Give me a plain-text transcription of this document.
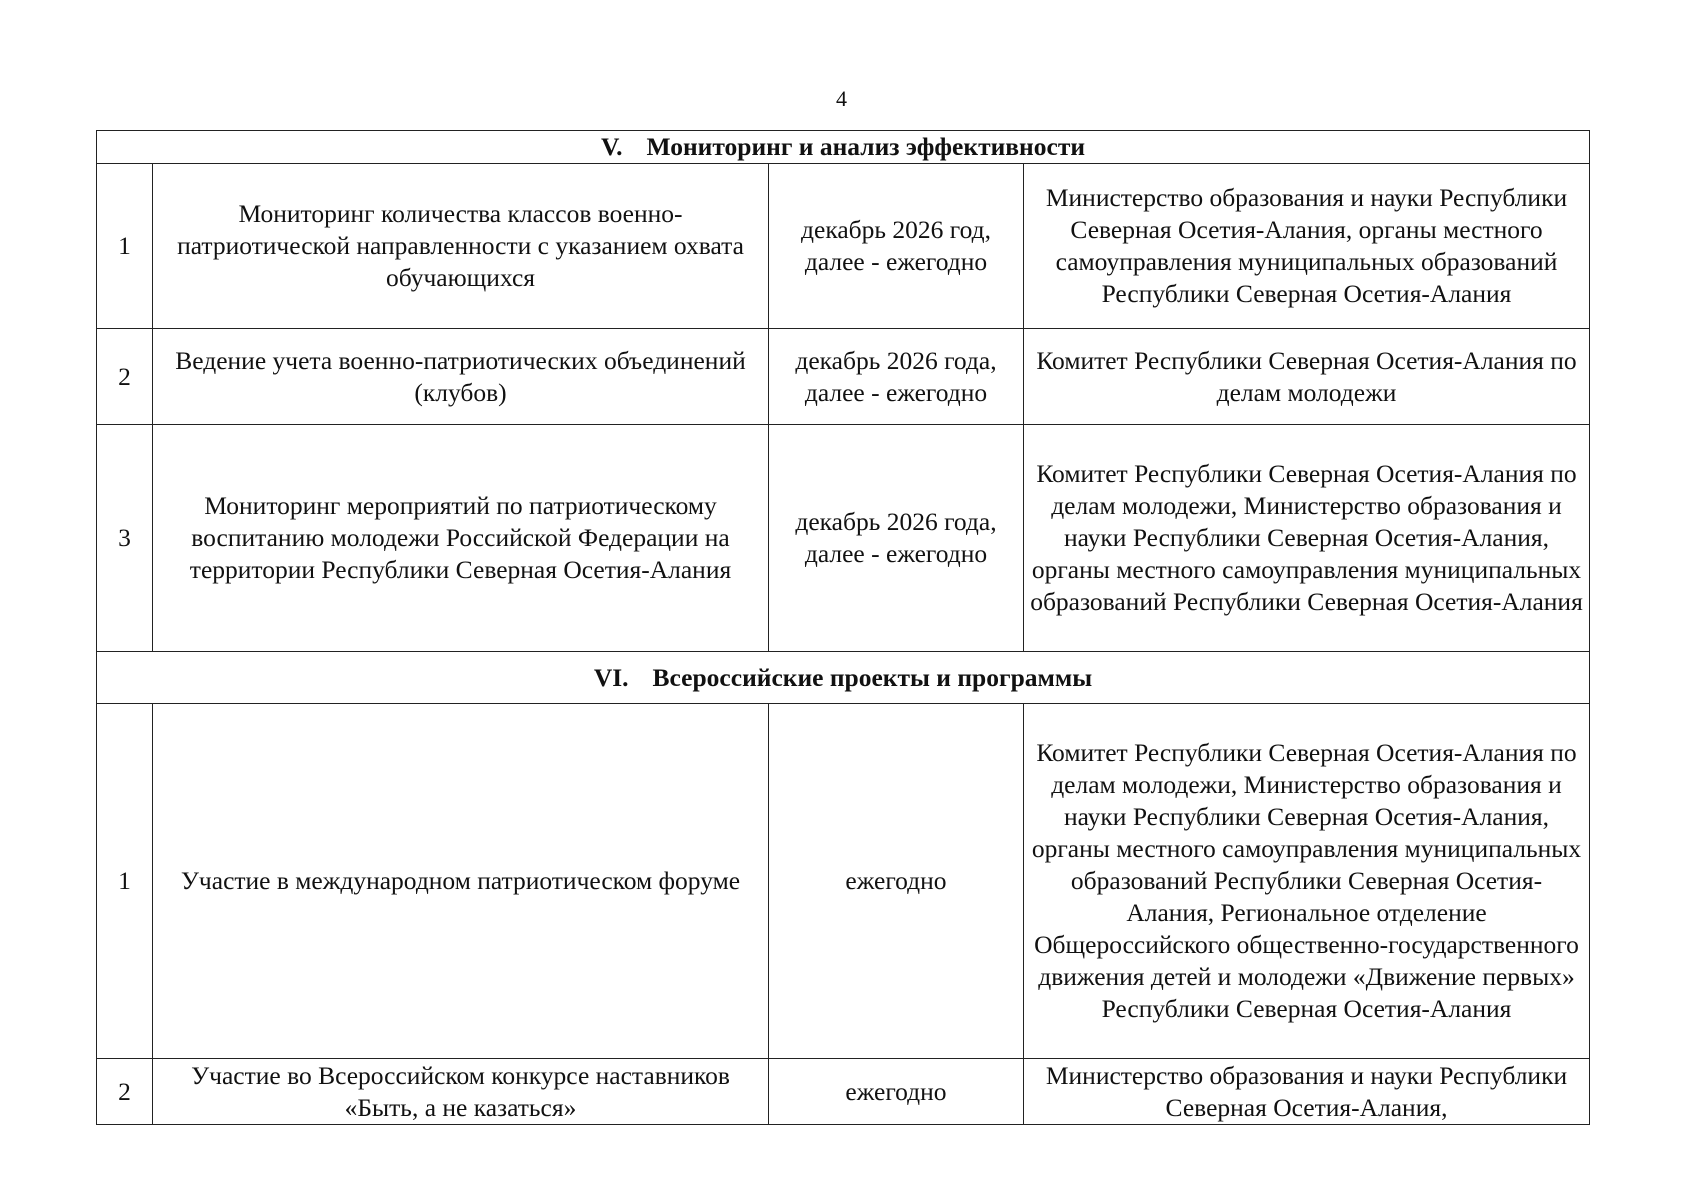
4
V. Мониторинг и анализ эффективности			
1	Мониторинг количества классов военно-патриотической направленности с указанием охвата обучающихся	декабрь 2026 год, далее - ежегодно	Министерство образования и науки Республики Северная Осетия-Алания, органы местного самоуправления муниципальных образований Республики Северная Осетия-Алания
2	Ведение учета военно-патриотических объединений (клубов)	декабрь 2026 года, далее - ежегодно	Комитет Республики Северная Осетия-Алания по делам молодежи
3	Мониторинг мероприятий по патриотическому воспитанию молодежи Российской Федерации на территории Республики Северная Осетия-Алания	декабрь 2026 года, далее - ежегодно	Комитет Республики Северная Осетия-Алания по делам молодежи, Министерство образования и науки Республики Северная Осетия-Алания, органы местного самоуправления муниципальных образований Республики Северная Осетия-Алания
VI. Всероссийские проекты и программы			
1	Участие в международном патриотическом форуме	ежегодно	Комитет Республики Северная Осетия-Алания по делам молодежи, Министерство образования и науки Республики Северная Осетия-Алания, органы местного самоуправления муниципальных образований Республики Северная Осетия-Алания, Региональное отделение Общероссийского общественно-государственного движения детей и молодежи «Движение первых» Республики Северная Осетия-Алания
2	Участие во Всероссийском конкурсе наставников «Быть, а не казаться»	ежегодно	Министерство образования и науки Республики Северная Осетия-Алания,
